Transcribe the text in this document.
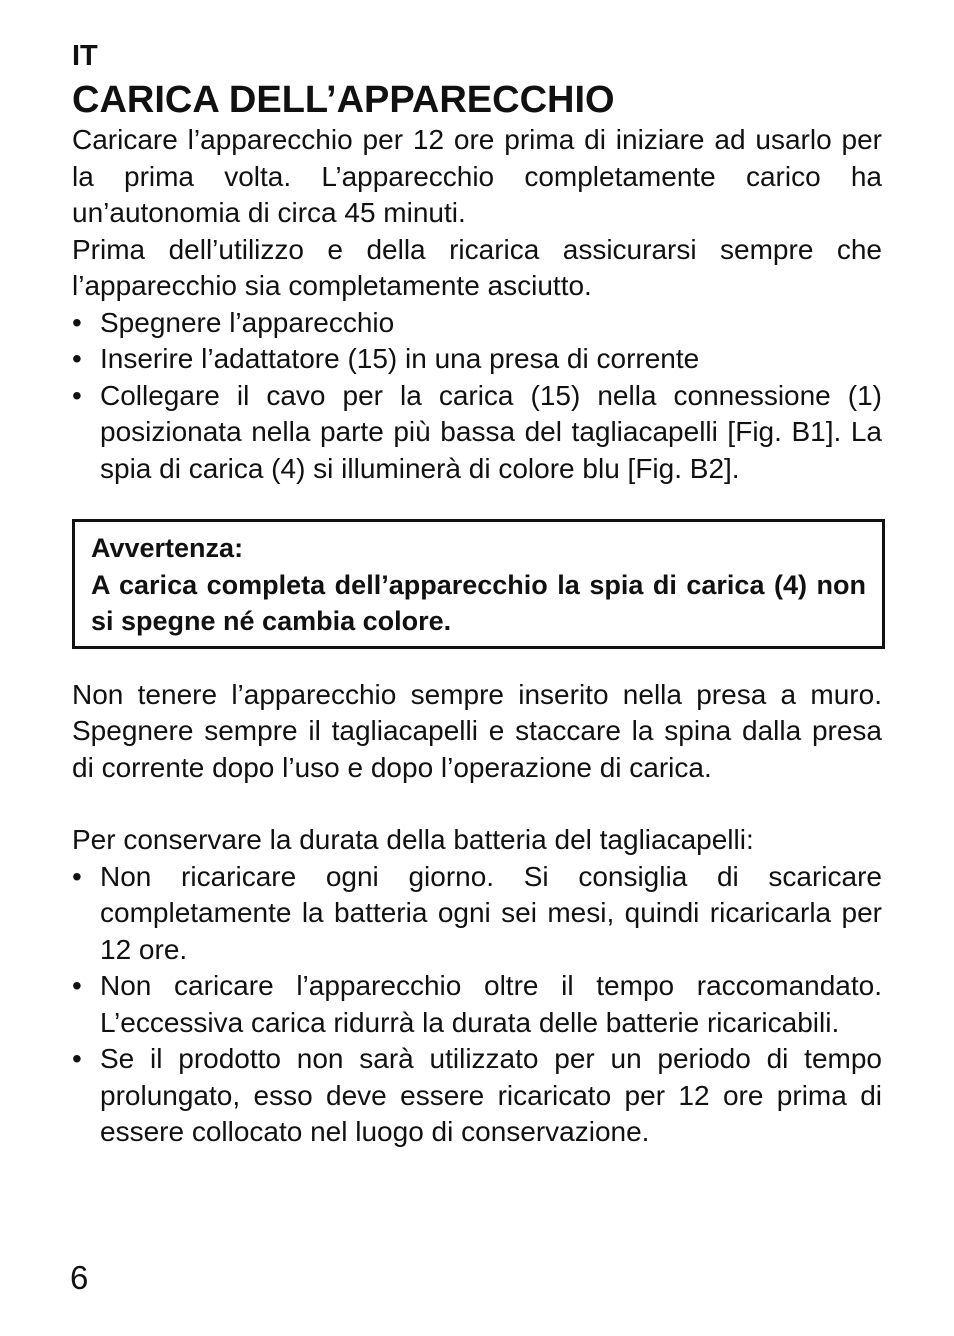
IT
CARICA DELL’APPARECCHIO

Caricare l’apparecchio per 12 ore prima di iniziare ad usarlo per la prima volta. L’apparecchio completamente carico ha un’autonomia di circa 45 minuti.

Prima dell’utilizzo e della ricarica assicurarsi sempre che l’apparecchio sia completamente asciutto.

• Spegnere l’apparecchio
• Inserire l’adattatore (15) in una presa di corrente
• Collegare il cavo per la carica (15) nella connessione (1) posizionata nella parte più bassa del tagliacapelli [Fig. B1]. La spia di carica (4) si illuminerà di colore blu [Fig. B2].

Avvertenza:

A carica completa dell’apparecchio la spia di carica (4) non si spegne né cambia colore.

Non tenere l’apparecchio sempre inserito nella presa a muro. Spegnere sempre il tagliacapelli e staccare la spina dalla presa di corrente dopo l’uso e dopo l’operazione di carica.

Per conservare la durata della batteria del tagliacapelli:

• Non ricaricare ogni giorno. Si consiglia di scaricare completamente la batteria ogni sei mesi, quindi ricaricarla per 12 ore.
• Non caricare l’apparecchio oltre il tempo raccomandato. L’eccessiva carica ridurrà la durata delle batterie ricaricabili.
• Se il prodotto non sarà utilizzato per un periodo di tempo prolungato, esso deve essere ricaricato per 12 ore prima di essere collocato nel luogo di conservazione.
6
